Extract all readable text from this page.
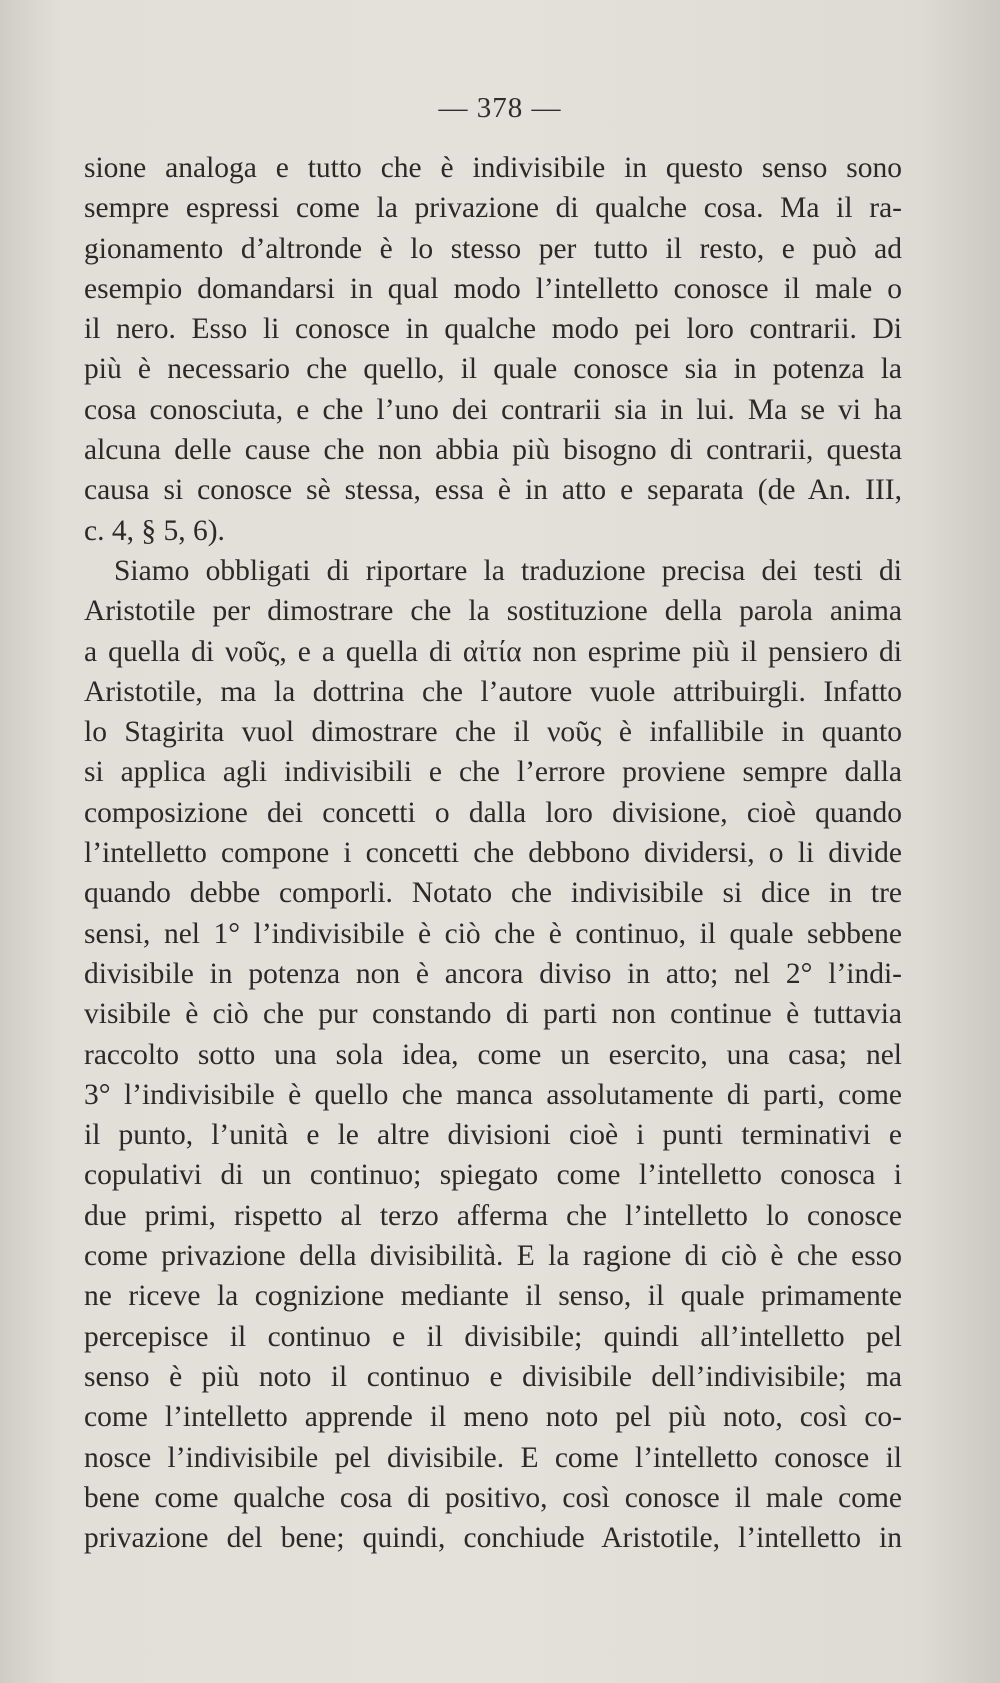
— 378 —
sione analoga e tutto che è indivisibile in questo senso sono
sempre espressi come la privazione di qualche cosa. Ma il ra-
gionamento d’altronde è lo stesso per tutto il resto, e può ad
esempio domandarsi in qual modo l’intelletto conosce il male o
il nero. Esso li conosce in qualche modo pei loro contrarii. Di
più è necessario che quello, il quale conosce sia in potenza la
cosa conosciuta, e che l’uno dei contrarii sia in lui. Ma se vi ha
alcuna delle cause che non abbia più bisogno di contrarii, questa
causa si conosce sè stessa, essa è in atto e separata (de An. III,
c. 4, § 5, 6).
Siamo obbligati di riportare la traduzione precisa dei testi di
Aristotile per dimostrare che la sostituzione della parola anima
a quella di νοῦς, e a quella di αἰτία non esprime più il pensiero di
Aristotile, ma la dottrina che l’autore vuole attribuirgli. Infatto
lo Stagirita vuol dimostrare che il νοῦς è infallibile in quanto
si applica agli indivisibili e che l’errore proviene sempre dalla
composizione dei concetti o dalla loro divisione, cioè quando
l’intelletto compone i concetti che debbono dividersi, o li divide
quando debbe comporli. Notato che indivisibile si dice in tre
sensi, nel 1° l’indivisibile è ciò che è continuo, il quale sebbene
divisibile in potenza non è ancora diviso in atto; nel 2° l’indi-
visibile è ciò che pur constando di parti non continue è tuttavia
raccolto sotto una sola idea, come un esercito, una casa; nel
3° l’indivisibile è quello che manca assolutamente di parti, come
il punto, l’unità e le altre divisioni cioè i punti terminativi e
copulativi di un continuo; spiegato come l’intelletto conosca i
due primi, rispetto al terzo afferma che l’intelletto lo conosce
come privazione della divisibilità. E la ragione di ciò è che esso
ne riceve la cognizione mediante il senso, il quale primamente
percepisce il continuo e il divisibile; quindi all’intelletto pel
senso è più noto il continuo e divisibile dell’indivisibile; ma
come l’intelletto apprende il meno noto pel più noto, così co-
nosce l’indivisibile pel divisibile. E come l’intelletto conosce il
bene come qualche cosa di positivo, così conosce il male come
privazione del bene; quindi, conchiude Aristotile, l’intelletto in
